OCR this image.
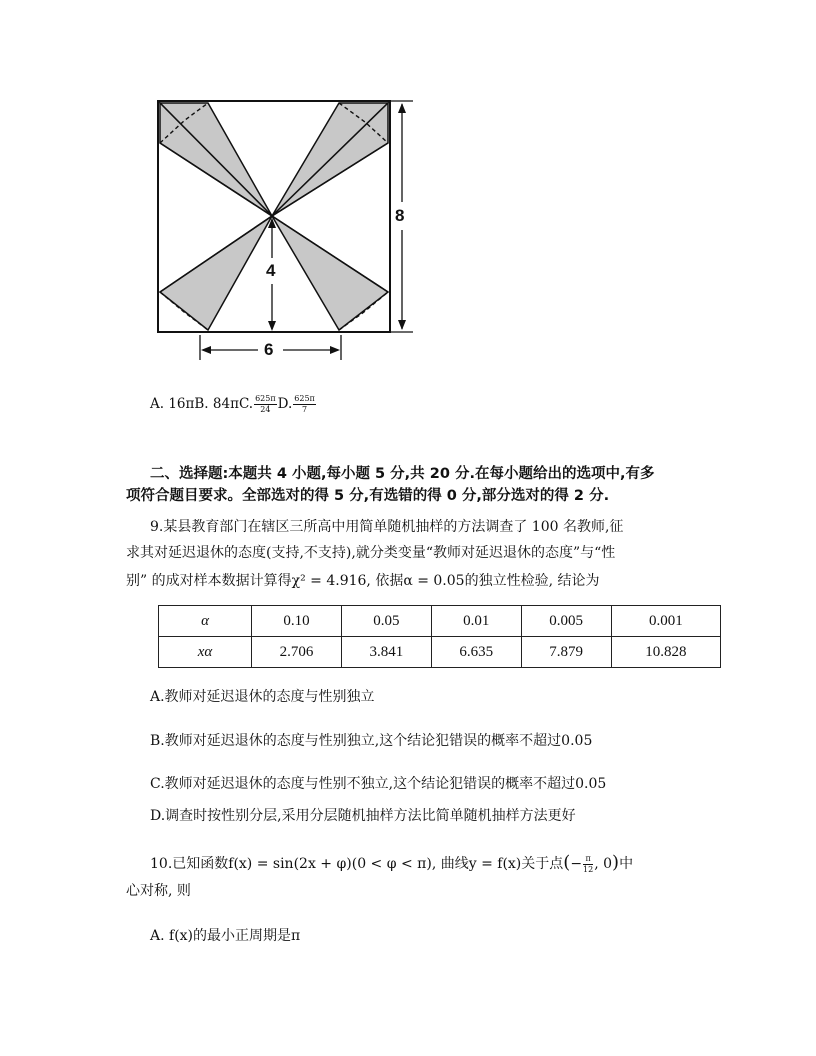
8
4
6
A. 16πB. 84πC. $\frac{625\pi}{24} D$. $\frac{625\pi}{7}$
二、选择题:本题共 4 小题,每小题 5 分,共 20 分.在每小题给出的选项中,有多
项符合题目要求。全部选对的得 5 分,有选错的得 0 分,部分选对的得 2 分.
9.某县教育部门在辖区三所高中用简单随机抽样的方法调查了 100 名教师,征
求其对延迟退休的态度(支持,不支持),就分类变量“教师对延迟退休的态度”与“性
别” 的成对样本数据计算得χ² = 4.916, 依据α = 0.05的独立性检验, 结论为
α	0.10	0.05	0.01	0.005	0.001
xα	2.706	3.841	6.635	7.879	10.828
A.教师对延迟退休的态度与性别独立
B.教师对延迟退休的态度与性别独立,这个结论犯错误的概率不超过0.05
C.教师对延迟退休的态度与性别不独立,这个结论犯错误的概率不超过0.05
D.调查时按性别分层,采用分层随机抽样方法比简单随机抽样方法更好
10.已知函数f(x) = sin(2x + φ)(0 < φ < π), 曲线y = f(x)关于点(− $\frac{\pi}{12}$ , 0)中
心对称, 则
A. f(x)的最小正周期是π
